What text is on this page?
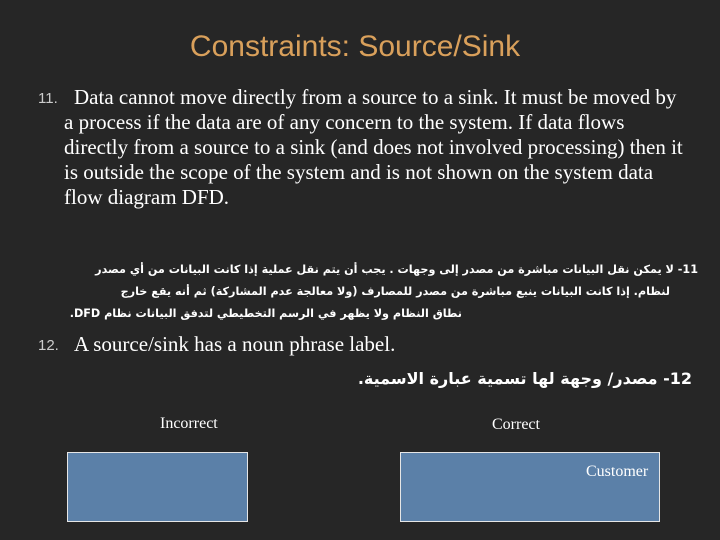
Constraints: Source/Sink
11. Data cannot move directly from a source to a sink. It must be moved by a process if the data are of any concern to the system. If data flows directly from a source to a sink (and does not involved processing) then it is outside the scope of the system and is not shown on the system data flow diagram DFD.
11- لا يمكن نقل البيانات مباشرة من مصدر إلى وجهات . يجب أن يتم نقل عملية إذا كانت البيانات من أي مصدر
لنظام. إذا كانت البيانات ينبع مباشرة من مصدر للمصارف (ولا معالجة عدم المشاركة) ثم أنه يقع خارج
نطاق النظام ولا يظهر في الرسم التخطيطي لتدفق البيانات نظام DFD.
12. A source/sink has a noun phrase label.
12- مصدر/ وجهة لها تسمية عبارة الاسمية.
Incorrect	Correct
Customer
